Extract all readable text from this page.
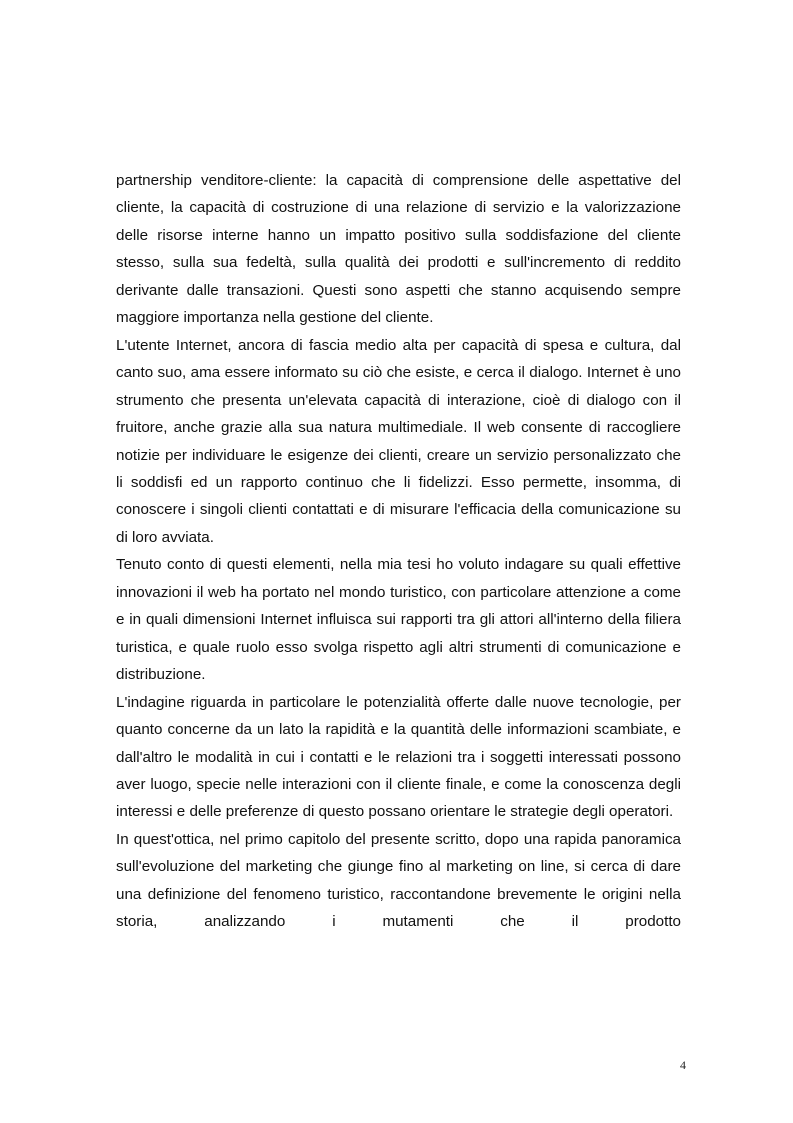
partnership venditore-cliente: la capacità di comprensione delle aspettative del cliente, la capacità di costruzione di una relazione di servizio e la valorizzazione delle risorse interne hanno un impatto positivo sulla soddisfazione del cliente stesso, sulla sua fedeltà, sulla qualità dei prodotti e sull'incremento di reddito derivante dalle transazioni. Questi sono aspetti che stanno acquisendo sempre maggiore importanza nella gestione del cliente.

L'utente Internet, ancora di fascia medio alta per capacità di spesa e cultura, dal canto suo, ama essere informato su ciò che esiste, e cerca il dialogo. Internet è uno strumento che presenta un'elevata capacità di interazione, cioè di dialogo con il fruitore, anche grazie alla sua natura multimediale. Il web consente di raccogliere notizie per individuare le esigenze dei clienti, creare un servizio personalizzato che li soddisfi ed un rapporto continuo che li fidelizzi. Esso permette, insomma, di conoscere i singoli clienti contattati e di misurare l'efficacia della comunicazione su di loro avviata.

Tenuto conto di questi elementi, nella mia tesi ho voluto indagare su quali effettive innovazioni il web ha portato nel mondo turistico, con particolare attenzione a come e in quali dimensioni Internet influisca sui rapporti tra gli attori all'interno della filiera turistica, e quale ruolo esso svolga rispetto agli altri strumenti di comunicazione e distribuzione.

L'indagine riguarda in particolare le potenzialità offerte dalle nuove tecnologie, per quanto concerne da un lato la rapidità e la quantità delle informazioni scambiate, e dall'altro le modalità in cui i contatti e le relazioni tra i soggetti interessati possono aver luogo, specie nelle interazioni con il cliente finale, e come la conoscenza degli interessi e delle preferenze di questo possano orientare le strategie degli operatori.

In quest'ottica, nel primo capitolo del presente scritto, dopo una rapida panoramica sull'evoluzione del marketing che giunge fino al marketing on line, si cerca di dare una definizione del fenomeno turistico, raccontandone brevemente le origini nella storia, analizzando i mutamenti che il prodotto

4
